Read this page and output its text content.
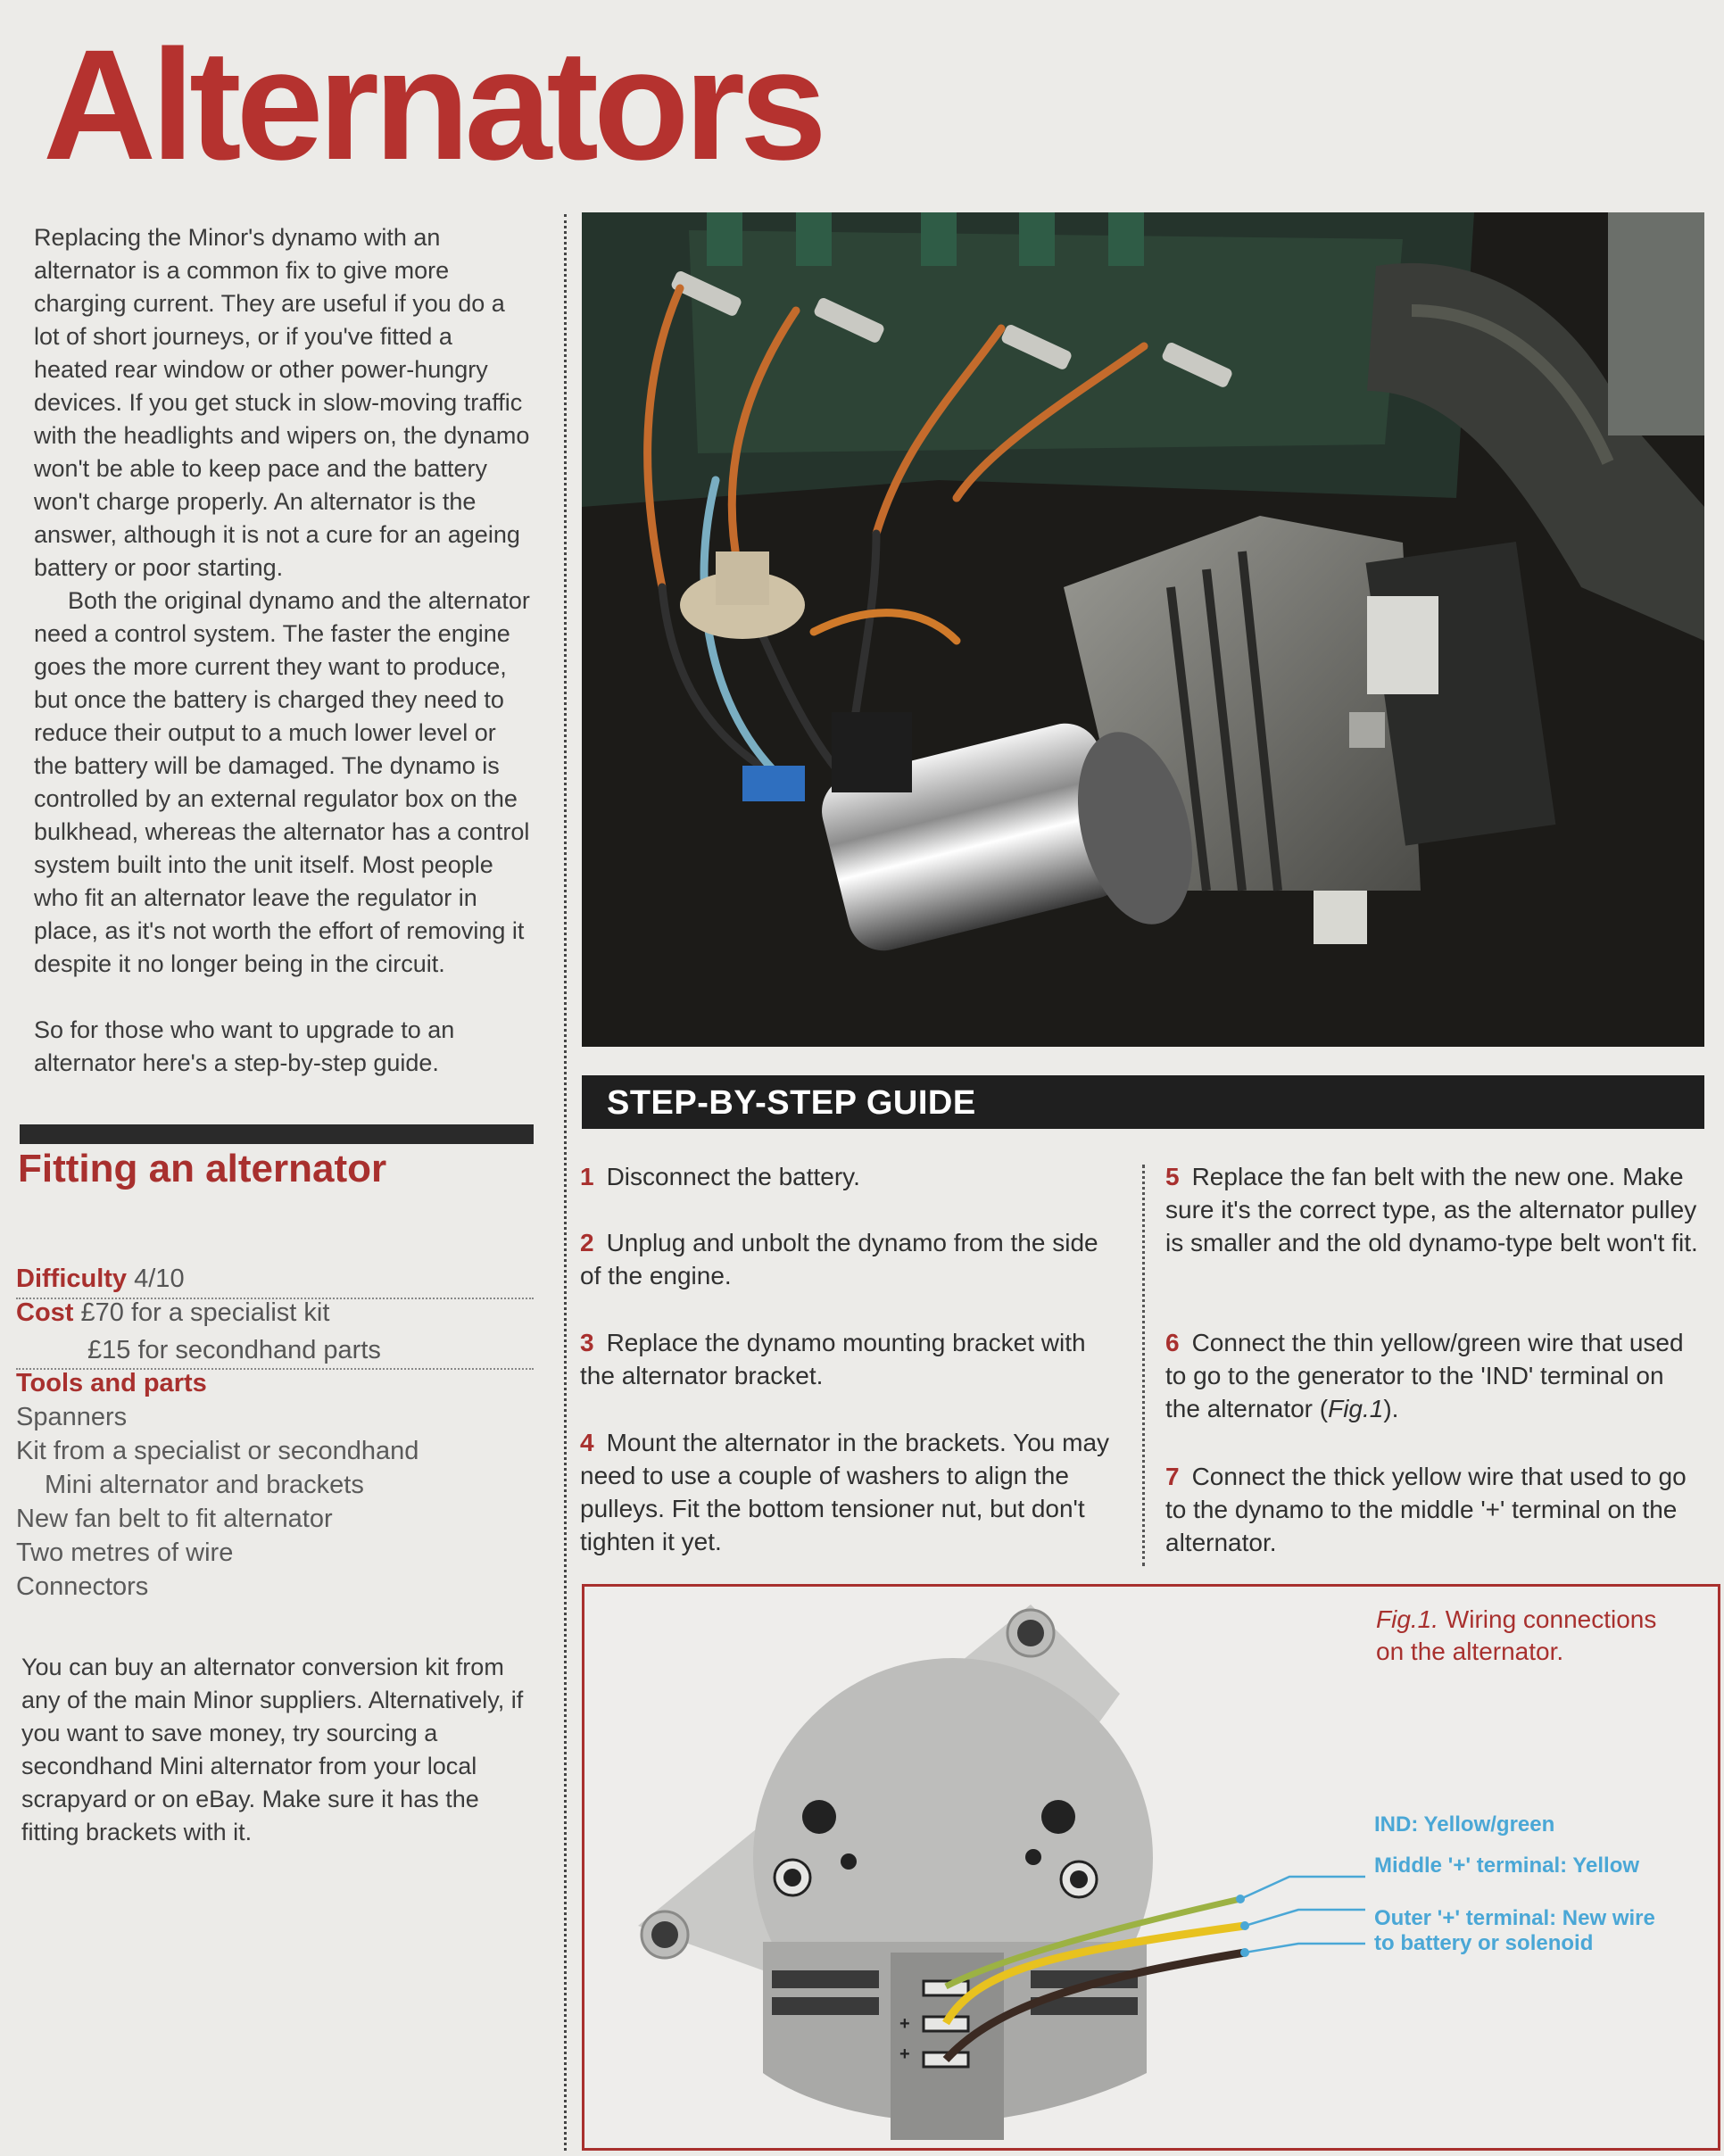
Alternators

Replacing the Minor's dynamo with an alternator is a common fix to give more charging current. They are useful if you do a lot of short journeys, or if you've fitted a heated rear window or other power-hungry devices. If you get stuck in slow-moving traffic with the headlights and wipers on, the dynamo won't be able to keep pace and the battery won't charge properly. An alternator is the answer, although it is not a cure for an ageing battery or poor starting.

Both the original dynamo and the alternator need a control system. The faster the engine goes the more current they want to produce, but once the battery is charged they need to reduce their output to a much lower level or the battery will be damaged. The dynamo is controlled by an external regulator box on the bulkhead, whereas the alternator has a control system built into the unit itself. Most people who fit an alternator leave the regulator in place, as it's not worth the effort of removing it despite it no longer being in the circuit.

So for those who want to upgrade to an alternator here's a step-by-step guide.

STEP-BY-STEP GUIDE
Fitting an alternator
Difficulty 4/10
Cost £70 for a specialist kit
£15 for secondhand parts
Tools and parts
Spanners
Kit from a specialist or secondhand
Mini alternator and brackets
New fan belt to fit alternator
Two metres of wire
Connectors

You can buy an alternator conversion kit from any of the main Minor suppliers. Alternatively, if you want to save money, try sourcing a secondhand Mini alternator from your local scrapyard or on eBay. Make sure it has the fitting brackets with it.

1 Disconnect the battery.
2 Unplug and unbolt the dynamo from the side of the engine.
3 Replace the dynamo mounting bracket with the alternator bracket.
4 Mount the alternator in the brackets. You may need to use a couple of washers to align the pulleys. Fit the bottom tensioner nut, but don't tighten it yet.
5 Replace the fan belt with the new one. Make sure it's the correct type, as the alternator pulley is smaller and the old dynamo-type belt won't fit.
6 Connect the thin yellow/green wire that used to go to the generator to the 'IND' terminal on the alternator (Fig.1).
7 Connect the thick yellow wire that used to go to the dynamo to the middle '+' terminal on the alternator.
+
+
Fig.1. Wiring connections on the alternator.
IND: Yellow/green
Middle '+' terminal: Yellow
Outer '+' terminal: New wire to battery or solenoid
